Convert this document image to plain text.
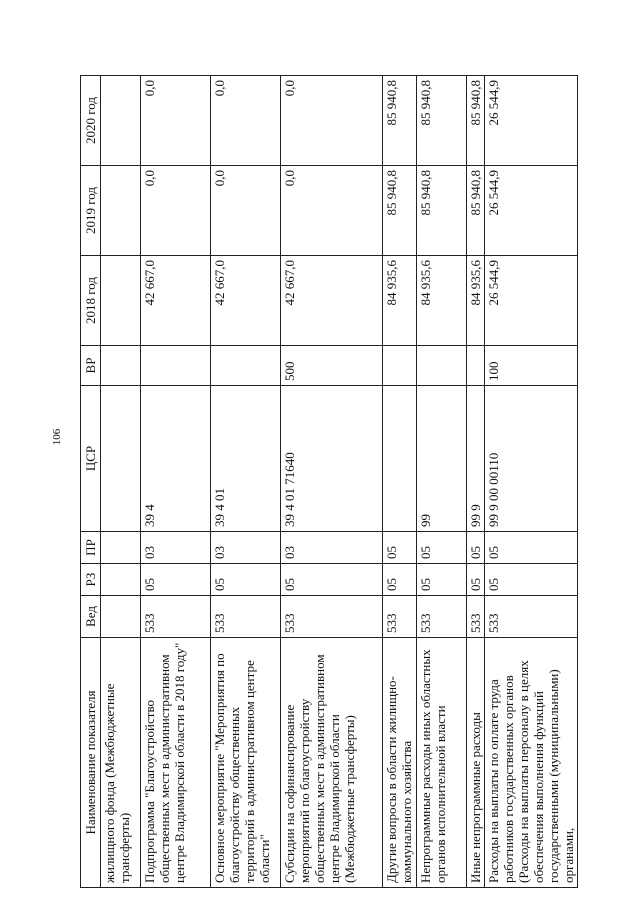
106
Наименование показателя	Вед	РЗ	ПР	ЦСР	ВР	2018 год	2019 год	2020 год
жилищного фонда (Межбюджетные трансферты)								
Подпрограмма "Благоустройство общественных мест в административном центре Владимирской области в 2018 году"	533	05	03	39 4		42 667,0	0,0	0,0
Основное мероприятие "Мероприятия по благоустройству общественных территорий в административном центре области"	533	05	03	39 4 01		42 667,0	0,0	0,0
Субсидии на софинансирование мероприятий по благоустройству общественных мест в административном центре Владимирской области (Межбюджетные трансферты)	533	05	03	39 4 01 71640	500	42 667,0	0,0	0,0
Другие вопросы в области жилищно-коммунального хозяйства	533	05	05			84 935,6	85 940,8	85 940,8
Непрограммные расходы иных областных органов исполнительной власти	533	05	05	99		84 935,6	85 940,8	85 940,8
Иные непрограммные расходы	533	05	05	99 9		84 935,6	85 940,8	85 940,8
Расходы на выплаты по оплате труда работников государственных органов (Расходы на выплаты персоналу в целях обеспечения выполнения функций государственными (муниципальными) органами,	533	05	05	99 9 00 00110	100	26 544,9	26 544,9	26 544,9
